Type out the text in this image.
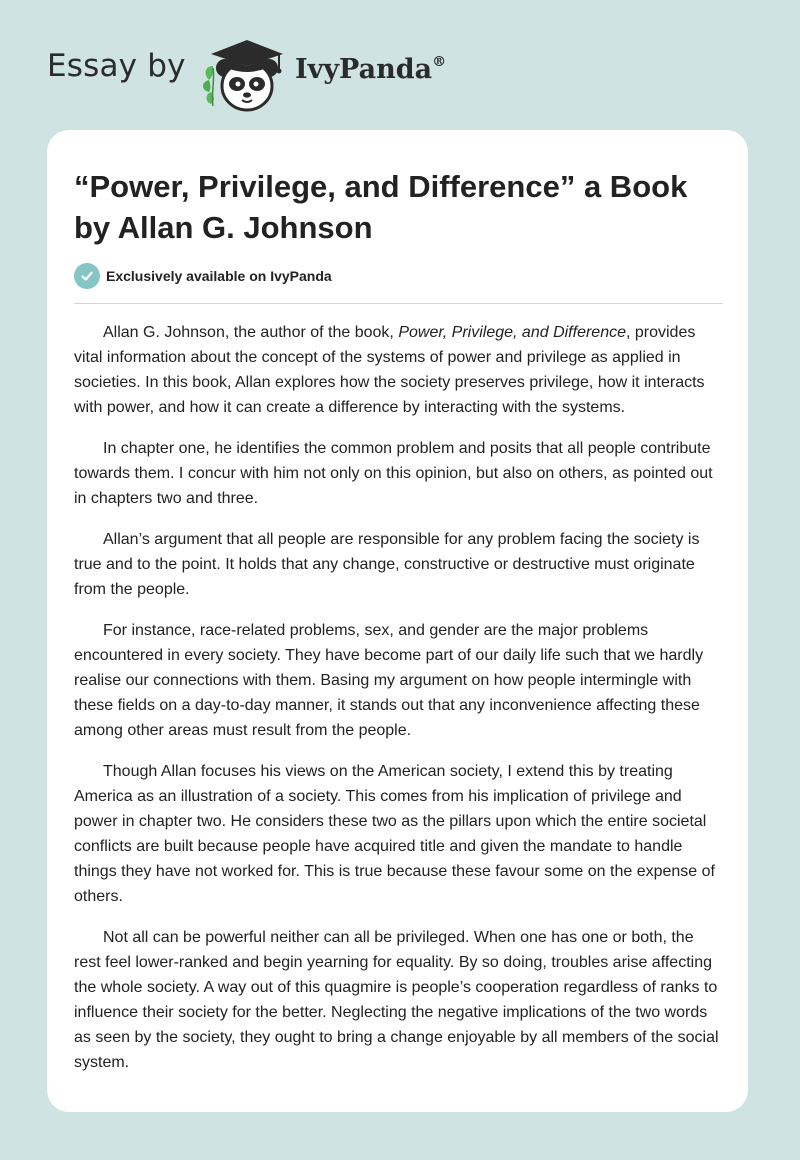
Essay by	IvyPanda®
“Power, Privilege, and Difference” a Book by Allan G. Johnson
Exclusively available on IvyPanda

Allan G. Johnson, the author of the book, Power, Privilege, and Difference, provides vital information about the concept of the systems of power and privilege as applied in societies. In this book, Allan explores how the society preserves privilege, how it interacts with power, and how it can create a difference by interacting with the systems.

In chapter one, he identifies the common problem and posits that all people contribute towards them. I concur with him not only on this opinion, but also on others, as pointed out in chapters two and three.

Allan’s argument that all people are responsible for any problem facing the society is true and to the point. It holds that any change, constructive or destructive must originate from the people.

For instance, race-related problems, sex, and gender are the major problems encountered in every society. They have become part of our daily life such that we hardly realise our connections with them. Basing my argument on how people intermingle with these fields on a day-to-day manner, it stands out that any inconvenience affecting these among other areas must result from the people.

Though Allan focuses his views on the American society, I extend this by treating America as an illustration of a society. This comes from his implication of privilege and power in chapter two. He considers these two as the pillars upon which the entire societal conflicts are built because people have acquired title and given the mandate to handle things they have not worked for. This is true because these favour some on the expense of others.

Not all can be powerful neither can all be privileged. When one has one or both, the rest feel lower-ranked and begin yearning for equality. By so doing, troubles arise affecting the whole society. A way out of this quagmire is people’s cooperation regardless of ranks to influence their society for the better. Neglecting the negative implications of the two words as seen by the society, they ought to bring a change enjoyable by all members of the social system.
